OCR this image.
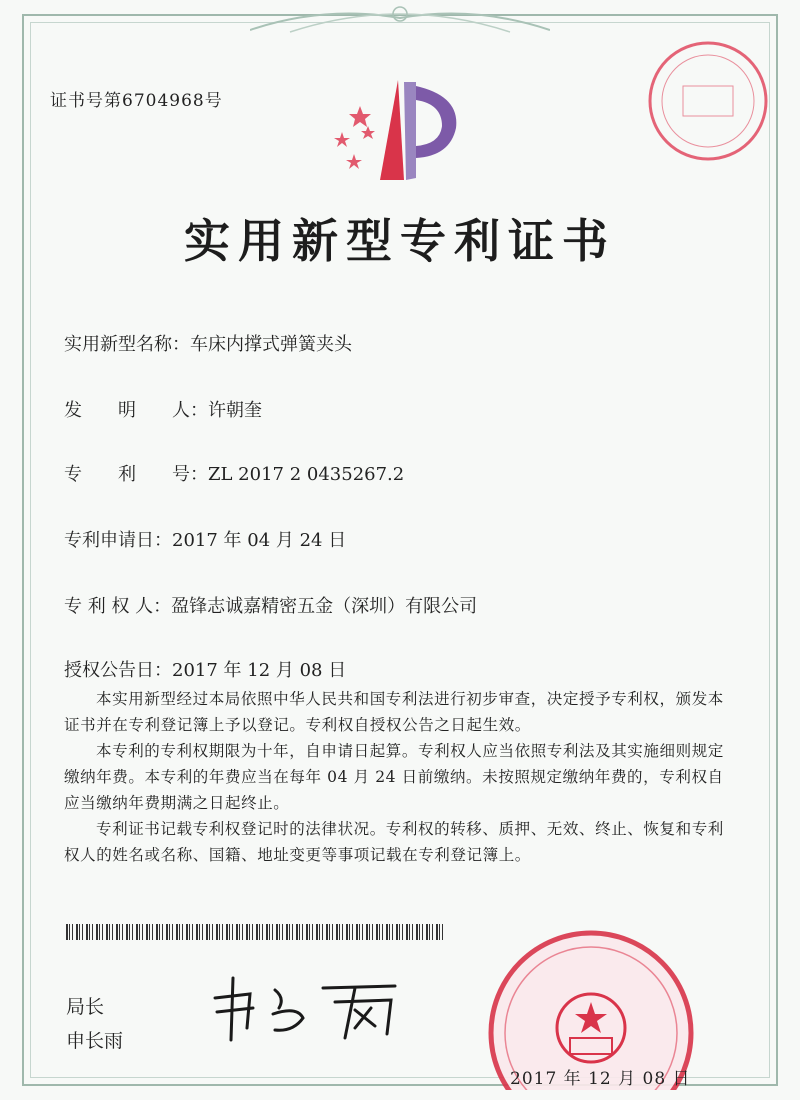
证书号第6704968号
实用新型专利证书
实用新型名称：车床内撑式弹簧夹头
发　　明　　人：许朝奎
专　　利　　号：ZL 2017 2 0435267.2
专利申请日：2017 年 04 月 24 日
专 利 权 人：盈锋志诚嘉精密五金（深圳）有限公司
授权公告日：2017 年 12 月 08 日

本实用新型经过本局依照中华人民共和国专利法进行初步审查，决定授予专利权，颁发本证书并在专利登记簿上予以登记。专利权自授权公告之日起生效。

本专利的专利权期限为十年，自申请日起算。专利权人应当依照专利法及其实施细则规定缴纳年费。本专利的年费应当在每年 04 月 24 日前缴纳。未按照规定缴纳年费的，专利权自应当缴纳年费期满之日起终止。

专利证书记载专利权登记时的法律状况。专利权的转移、质押、无效、终止、恢复和专利权人的姓名或名称、国籍、地址变更等事项记载在专利登记簿上。

局长
申长雨
2017 年 12 月 08 日
